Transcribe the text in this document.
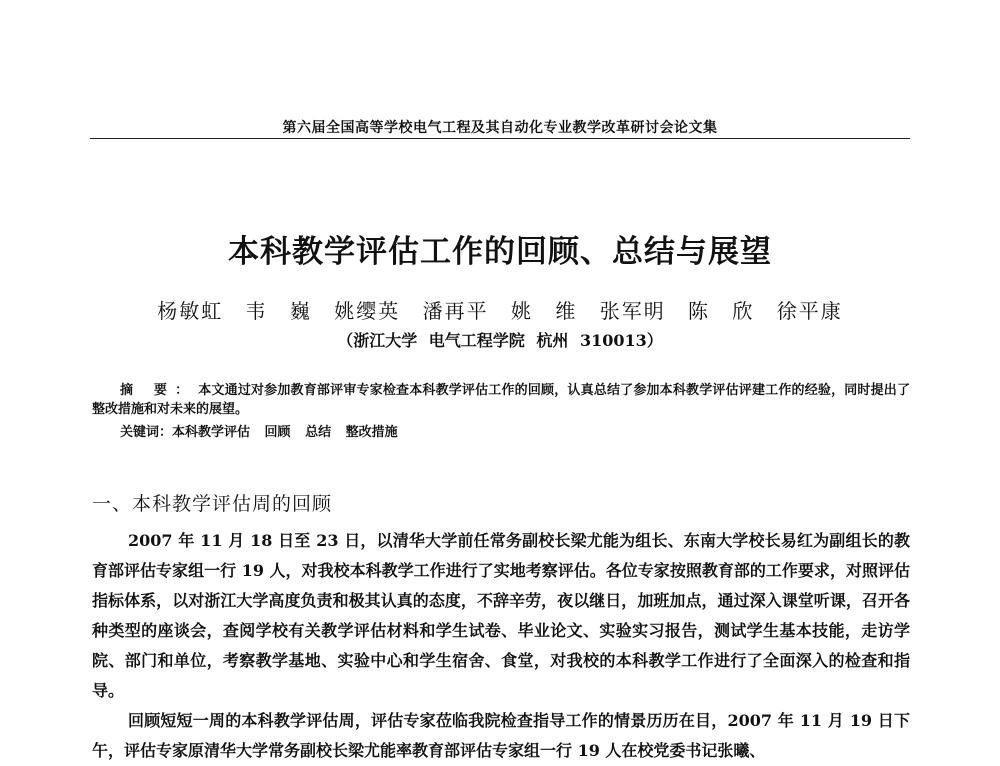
第六届全国高等学校电气工程及其自动化专业教学改革研讨会论文集
本科教学评估工作的回顾、总结与展望
杨敏虹 韦 巍 姚缨英 潘再平 姚 维 张军明 陈 欣 徐平康
（浙江大学 电气工程学院 杭州 310013）
摘 要： 本文通过对参加教育部评审专家检查本科教学评估工作的回顾，认真总结了参加本科教学评估评建工作的经验，同时提出了整改措施和对未来的展望。
关键词：本科教学评估 回顾 总结 整改措施
一、本科教学评估周的回顾

2007 年 11 月 18 日至 23 日，以清华大学前任常务副校长梁尤能为组长、东南大学校长易红为副组长的教育部评估专家组一行 19 人，对我校本科教学工作进行了实地考察评估。各位专家按照教育部的工作要求，对照评估指标体系，以对浙江大学高度负责和极其认真的态度，不辞辛劳，夜以继日，加班加点，通过深入课堂听课，召开各种类型的座谈会，查阅学校有关教学评估材料和学生试卷、毕业论文、实验实习报告，测试学生基本技能，走访学院、部门和单位，考察教学基地、实验中心和学生宿舍、食堂，对我校的本科教学工作进行了全面深入的检查和指导。

回顾短短一周的本科教学评估周，评估专家莅临我院检查指导工作的情景历历在目，2007 年 11 月 19 日下午，评估专家原清华大学常务副校长梁尤能率教育部评估专家组一行 19 人在校党委书记张曦、
